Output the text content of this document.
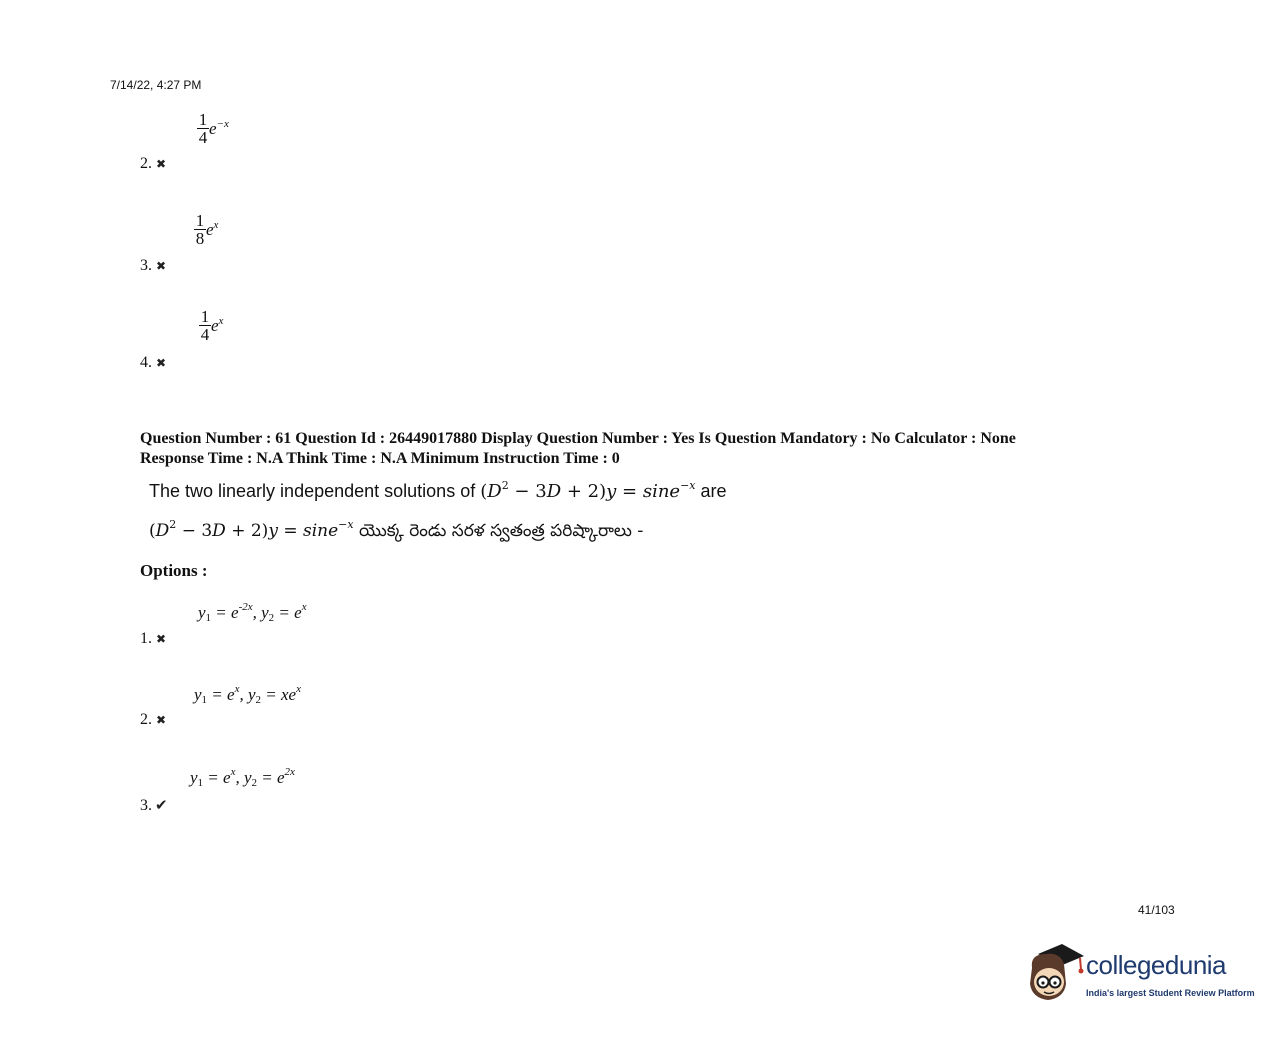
7/14/22, 4:27 PM
$\frac{1}{4} e^{-x}$
2. ✖
$\frac{1}{8} e^x$
3. ✖
$\frac{1}{4} e^x$
4. ✖
Question Number : 61 Question Id : 26449017880 Display Question Number : Yes Is Question Mandatory : No Calculator : None
Response Time : N.A Think Time : N.A Minimum Instruction Time : 0
The two linearly independent solutions of $(D^2 - 3D + 2)y = \sin e^{-x}$ are
$(D^2 - 3D + 2)y = \sin e^{-x}$ యొక్క రెండు సరళ స్వతంత్ర పరిష్కారాలు -
Options :
$y_1 = e^{-2x}$, $y_2 = e^x$
1. ✖
$y_1 = e^x$, $y_2 = xe^x$
2. ✖
$y_1 = e^x$, $y_2 = e^{2x}$
3. ✔
41/103
collegedunia
India's largest Student Review Platform
